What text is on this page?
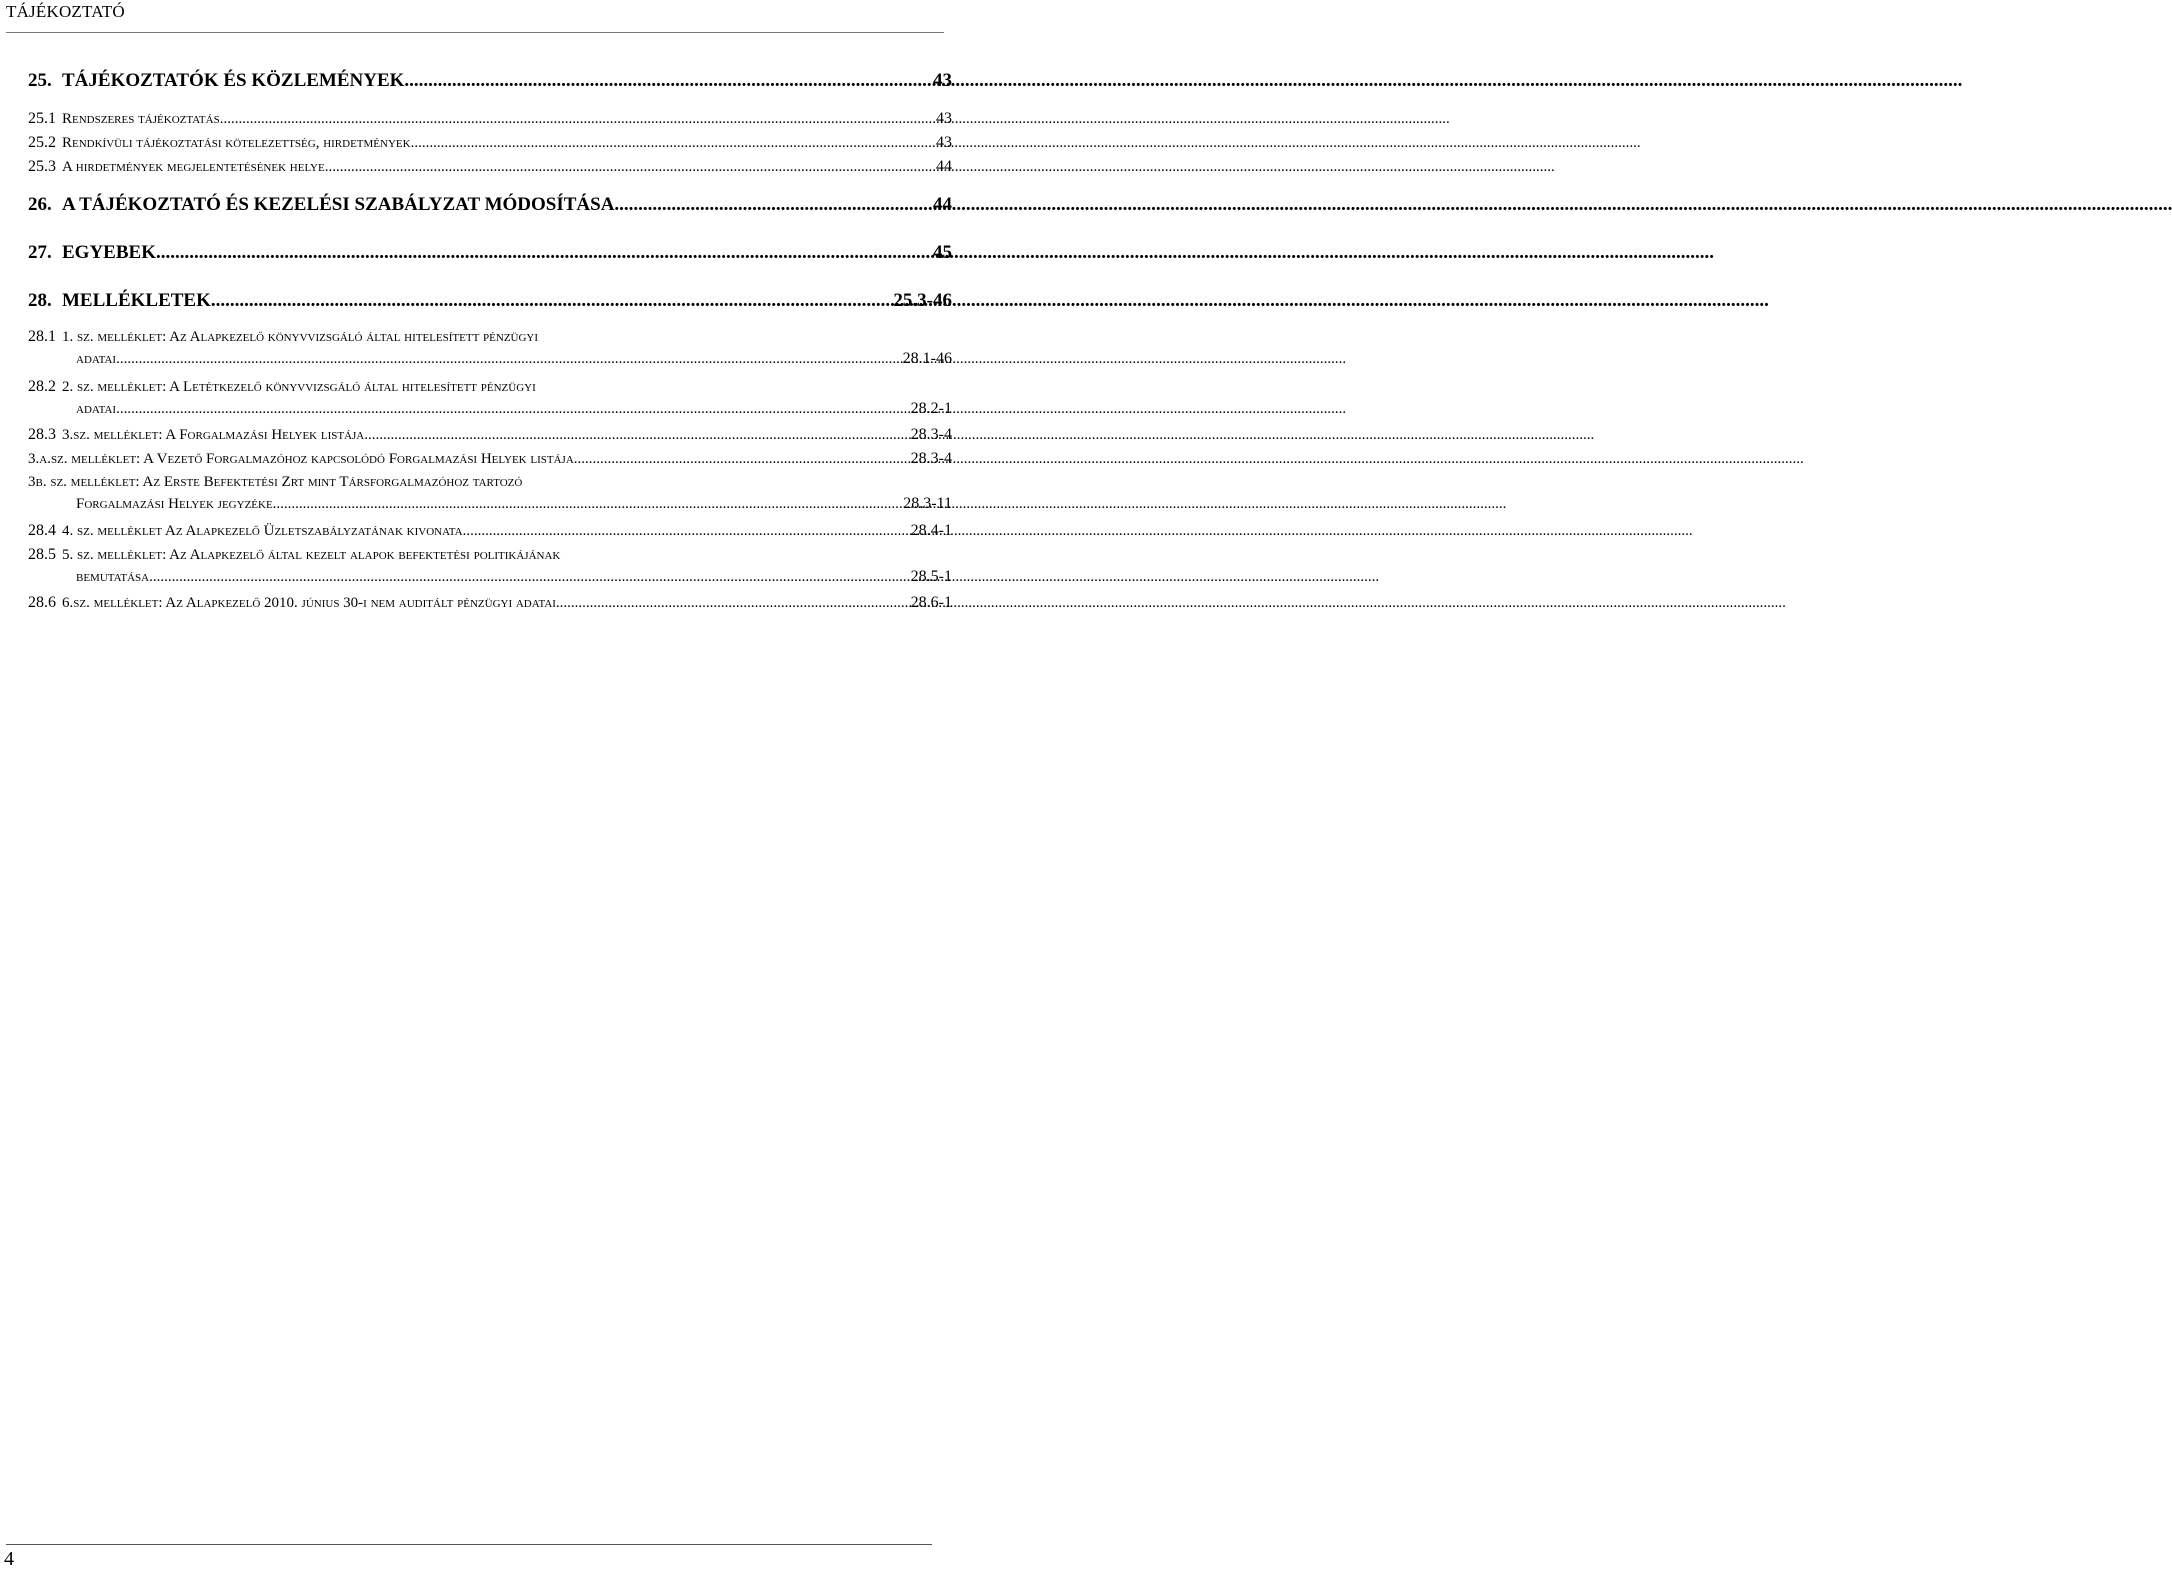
TÁJÉKOZTATÓ
25. TÁJÉKOZTATÓK ÉS KÖZLEMÉNYEK .....	43
25.1 Rendszeres tájékoztatás .....	43
25.2 Rendkívüli tájékoztatási kötelezettség, hirdetmények .....	43
25.3 A hirdetmények megjelentetésének helye .....	44
26. A TÁJÉKOZTATÓ ÉS KEZELÉSI SZABÁLYZAT MÓDOSÍTÁSA .....	44
27. EGYEBEK .....	45
28. MELLÉKLETEK .....	25.3-46
28.1 1. sz. melléklet: Az Alapkezelő könyvvizsgáló által hitelesített pénzügyi
adatai .....	28.1-46
28.2 2. sz. melléklet: A Letétkezelő könyvvizsgáló által hitelesített pénzügyi
adatai .....	28.2-1
28.3 3.sz. melléklet: A Forgalmazási Helyek listája .....	28.3-4
3.a.sz. melléklet: A Vezető Forgalmazóhoz kapcsolódó Forgalmazási Helyek listája .....	28.3-4
3b. sz. melléklet: Az Erste Befektetési Zrt mint Társforgalmazóhoz tartozó
Forgalmazási Helyek jegyzéke. .....	28.3-11
28.4 4. sz. melléklet Az Alapkezelő Üzletszabályzatának kivonata .....	28.4-1
28.5 5. sz. melléklet: Az Alapkezelő által kezelt alapok befektetési politikájának
bemutatása .....	28.5-1
28.6 6.sz. melléklet: Az Alapkezelő 2010. június 30-i nem auditált pénzügyi adatai .....	28.6-1
4
